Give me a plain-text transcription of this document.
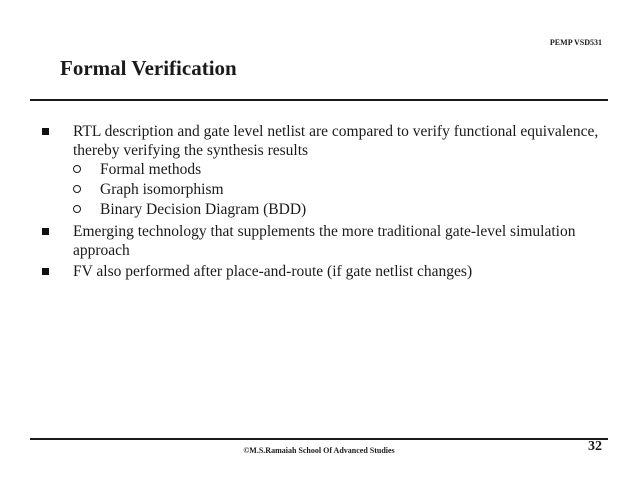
PEMP VSD531
Formal Verification
RTL description and gate level netlist are compared to verify functional equivalence, thereby verifying the synthesis results
Formal methods
Graph isomorphism
Binary Decision Diagram (BDD)
Emerging technology that supplements the more traditional gate-level simulation approach
FV also performed after place-and-route (if gate netlist changes)
©M.S.Ramaiah School Of Advanced Studies	32
